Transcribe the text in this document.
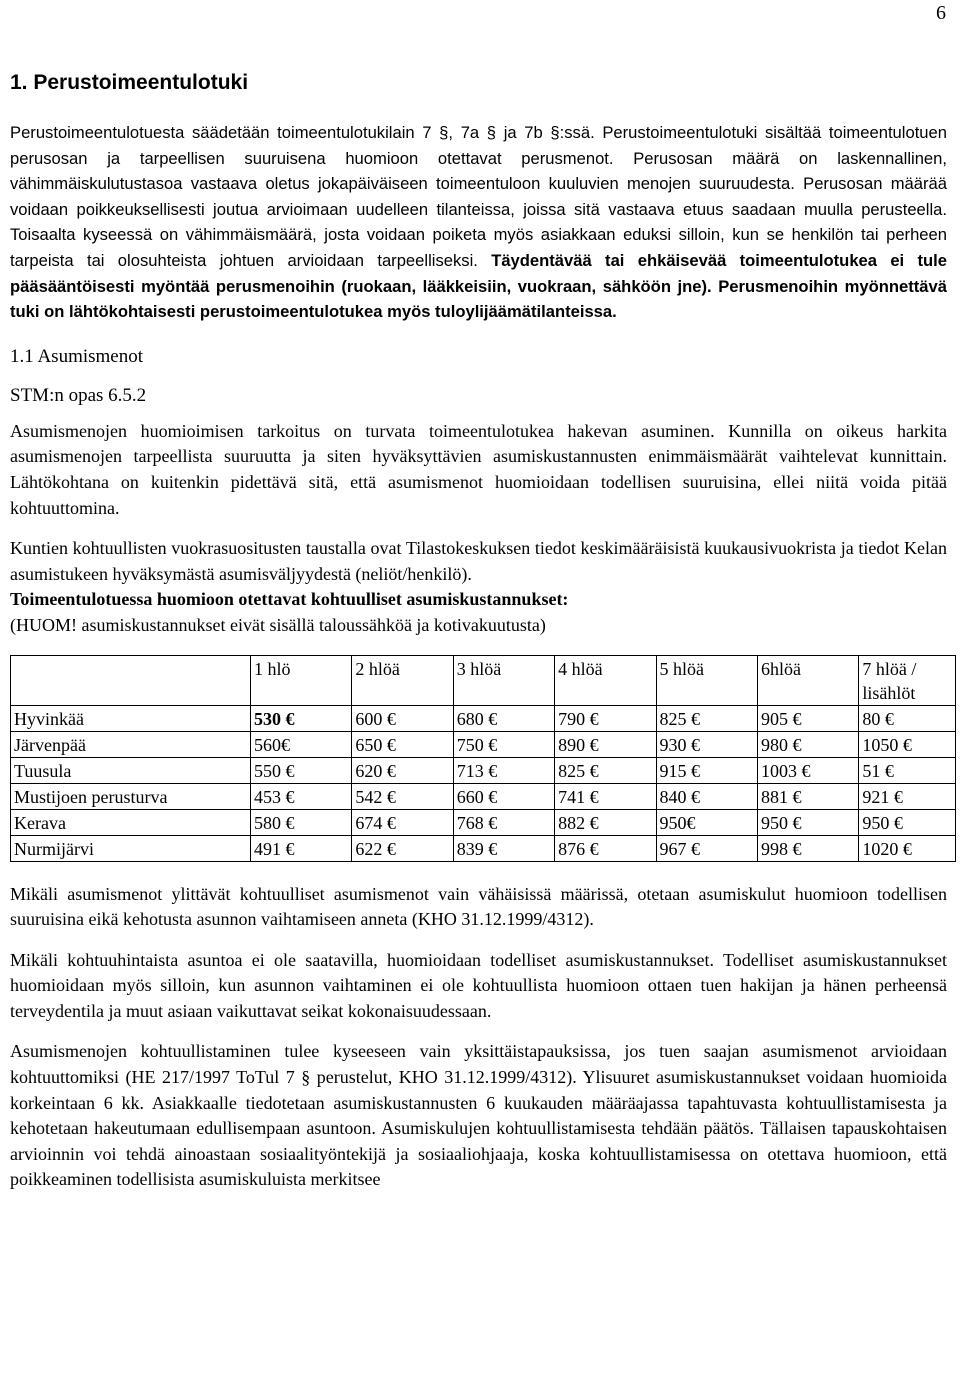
6
1. Perustoimeentulotuki

Perustoimeentulotuesta säädetään toimeentulotukilain 7 §, 7a § ja 7b §:ssä. Perustoimeentulotuki sisältää toimeentulotuen perusosan ja tarpeellisen suuruisena huomioon otettavat perusmenot. Perusosan määrä on laskennallinen, vähimmäiskulutustasoa vastaava oletus jokapäiväiseen toimeentuloon kuuluvien menojen suuruudesta. Perusosan määrää voidaan poikkeuksellisesti joutua arvioimaan uudelleen tilanteissa, joissa sitä vastaava etuus saadaan muulla perusteella. Toisaalta kyseessä on vähimmäismäärä, josta voidaan poiketa myös asiakkaan eduksi silloin, kun se henkilön tai perheen tarpeista tai olosuhteista johtuen arvioidaan tarpeelliseksi. Täydentävää tai ehkäisevää toimeentulotukea ei tule pääsääntöisesti myöntää perusmenoihin (ruokaan, lääkkeisiin, vuokraan, sähköön jne). Perusmenoihin myönnettävä tuki on lähtökohtaisesti perustoimeentulotukea myös tuloylijäämätilanteissa.

1.1 Asumismenot
STM:n opas 6.5.2

Asumismenojen huomioimisen tarkoitus on turvata toimeentulotukea hakevan asuminen. Kunnilla on oikeus harkita asumismenojen tarpeellista suuruutta ja siten hyväksyttävien asumiskustannusten enimmäismäärät vaihtelevat kunnittain. Lähtökohtana on kuitenkin pidettävä sitä, että asumismenot huomioidaan todellisen suuruisina, ellei niitä voida pitää kohtuuttomina.

Kuntien kohtuullisten vuokrasuositusten taustalla ovat Tilastokeskuksen tiedot keskimääräisistä kuukausivuokrista ja tiedot Kelan asumistukeen hyväksymästä asumisväljyydestä (neliöt/henkilö).

Toimeentulotuessa huomioon otettavat kohtuulliset asumiskustannukset:

(HUOM! asumiskustannukset eivät sisällä taloussähköä ja kotivakuutusta)

	1 hlö	2 hlöä	3 hlöä	4 hlöä	5 hlöä	6hlöä	7 hlöä / lisählöt
Hyvinkää	530 €	600 €	680 €	790 €	825 €	905 €	80 €
Järvenpää	560€	650 €	750 €	890 €	930 €	980 €	1050 €
Tuusula	550 €	620 €	713 €	825 €	915 €	1003 €	51 €
Mustijoen perusturva	453 €	542 €	660 €	741 €	840 €	881 €	921 €
Kerava	580 €	674 €	768 €	882 €	950€	950 €	950 €
Nurmijärvi	491 €	622 €	839 €	876 €	967 €	998 €	1020 €

Mikäli asumismenot ylittävät kohtuulliset asumismenot vain vähäisissä määrissä, otetaan asumiskulut huomioon todellisen suuruisina eikä kehotusta asunnon vaihtamiseen anneta (KHO 31.12.1999/4312).

Mikäli kohtuuhintaista asuntoa ei ole saatavilla, huomioidaan todelliset asumiskustannukset. Todelliset asumiskustannukset huomioidaan myös silloin, kun asunnon vaihtaminen ei ole kohtuullista huomioon ottaen tuen hakijan ja hänen perheensä terveydentila ja muut asiaan vaikuttavat seikat kokonaisuudessaan.

Asumismenojen kohtuullistaminen tulee kyseeseen vain yksittäistapauksissa, jos tuen saajan asumismenot arvioidaan kohtuuttomiksi (HE 217/1997 ToTul 7 § perustelut, KHO 31.12.1999/4312). Ylisuuret asumiskustannukset voidaan huomioida korkeintaan 6 kk. Asiakkaalle tiedotetaan asumiskustannusten 6 kuukauden määräajassa tapahtuvasta kohtuullistamisesta ja kehotetaan hakeutumaan edullisempaan asuntoon. Asumiskulujen kohtuullistamisesta tehdään päätös. Tällaisen tapauskohtaisen arvioinnin voi tehdä ainoastaan sosiaalityöntekijä ja sosiaaliohjaaja, koska kohtuullistamisessa on otettava huomioon, että poikkeaminen todellisista asumiskuluista merkitsee
